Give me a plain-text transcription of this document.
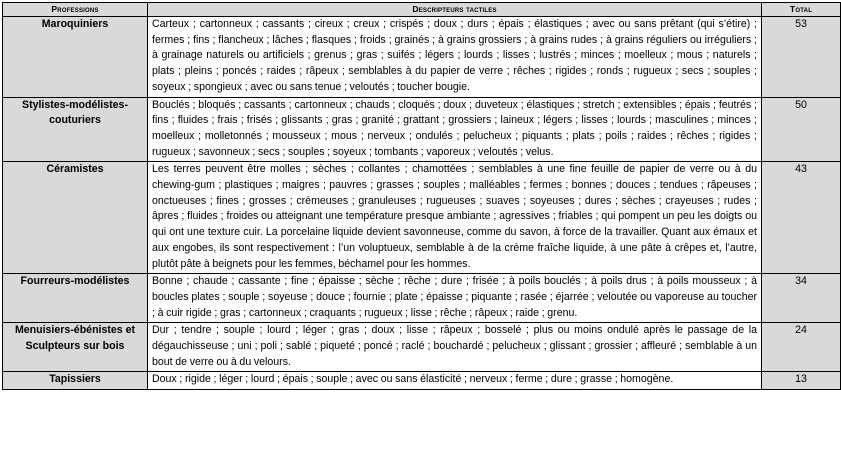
Professions	Descripteurs tactiles	Total
Maroquiniers	Carteux ; cartonneux ; cassants ; cireux ; creux ; crispés ; doux ; durs ; épais ; élastiques ; avec ou sans prêtant (qui s’étire) ; fermes ; fins ; flancheux ; lâches ; flasques ; froids ; grainés ; à grains grossiers ; à grains rudes ; à grains réguliers ou irréguliers ; à grainage naturels ou artificiels ; grenus ; gras ; suifés ; légers ; lourds ; lisses ; lustrés ; minces ; moelleux ; mous ; naturels ; plats ; pleins ; poncés ; raides ; râpeux ; semblables à du papier de verre ; rêches ; rigides ; ronds ; rugueux ; secs ; souples ; soyeux ; spongieux ; avec ou sans tenue ; veloutés ; toucher bougie.	53
Stylistes-modélistes-couturiers	Bouclés ; bloqués ; cassants ; cartonneux ; chauds ; cloqués ; doux ; duveteux ; élastiques ; stretch ; extensibles ; épais ; feutrés ; fins ; fluides ; frais ; frisés ; glissants ; gras ; granité ; grattant ; grossiers ; laineux ; légers ; lisses ; lourds ; masculines ; minces ; moelleux ; molletonnés ; mousseux ; mous ; nerveux ; ondulés ; pelucheux ; piquants ; plats ; poils ; raides ; rêches ; rigides ; rugueux ; savonneux ; secs ; souples ; soyeux ; tombants ; vaporeux ; veloutés ; velus.	50
Céramistes	Les terres peuvent être molles ; sèches ; collantes ; chamottées ; semblables à une fine feuille de papier de verre ou à du chewing-gum ; plastiques ; maigres ; pauvres ; grasses ; souples ; malléables ; fermes ; bonnes ; douces ; tendues ; râpeuses ; onctueuses ; fines ; grosses ; crémeuses ; granuleuses ; rugueuses ; suaves ; soyeuses ; dures ; sèches ; crayeuses ; rudes ; âpres ; fluides ; froides ou atteignant une température presque ambiante ; agressives ; friables ; qui pompent un peu les doigts ou qui ont une texture cuir. La porcelaine liquide devient savonneuse, comme du savon, à force de la travailler. Quant aux émaux et aux engobes, ils sont respectivement : l’un voluptueux, semblable à de la crème fraîche liquide, à une pâte à crêpes et, l’autre, plutôt pâte à beignets pour les femmes, béchamel pour les hommes.	43
Fourreurs-modélistes	Bonne ; chaude ; cassante ; fine ; épaisse ; sèche ; rêche ; dure ; frisée ; à poils bouclés ; à poils drus ; à poils mousseux ; à boucles plates ; souple ; soyeuse ; douce ; fournie ; plate ; épaisse ; piquante ; rasée ; éjarrée ; veloutée ou vaporeuse au toucher ; à cuir rigide ; gras ; cartonneux ; craquants ; rugueux ; lisse ; rêche ; râpeux ; raide ; grenu.	34
Menuisiers-ébénistes et Sculpteurs sur bois	Dur ; tendre ; souple ; lourd ; léger ; gras ; doux ; lisse ; râpeux ; bosselé ; plus ou moins ondulé après le passage de la dégauchisseuse ; uni ; poli ; sablé ; piqueté ; poncé ; raclé ; bouchardé ; pelucheux ; glissant ; grossier ; affleuré ; semblable à un bout de verre ou à du velours.	24
Tapissiers	Doux ; rigide ; léger ; lourd ; épais ; souple ; avec ou sans élasticité ; nerveux ; ferme ; dure ; grasse ; homogène.	13
